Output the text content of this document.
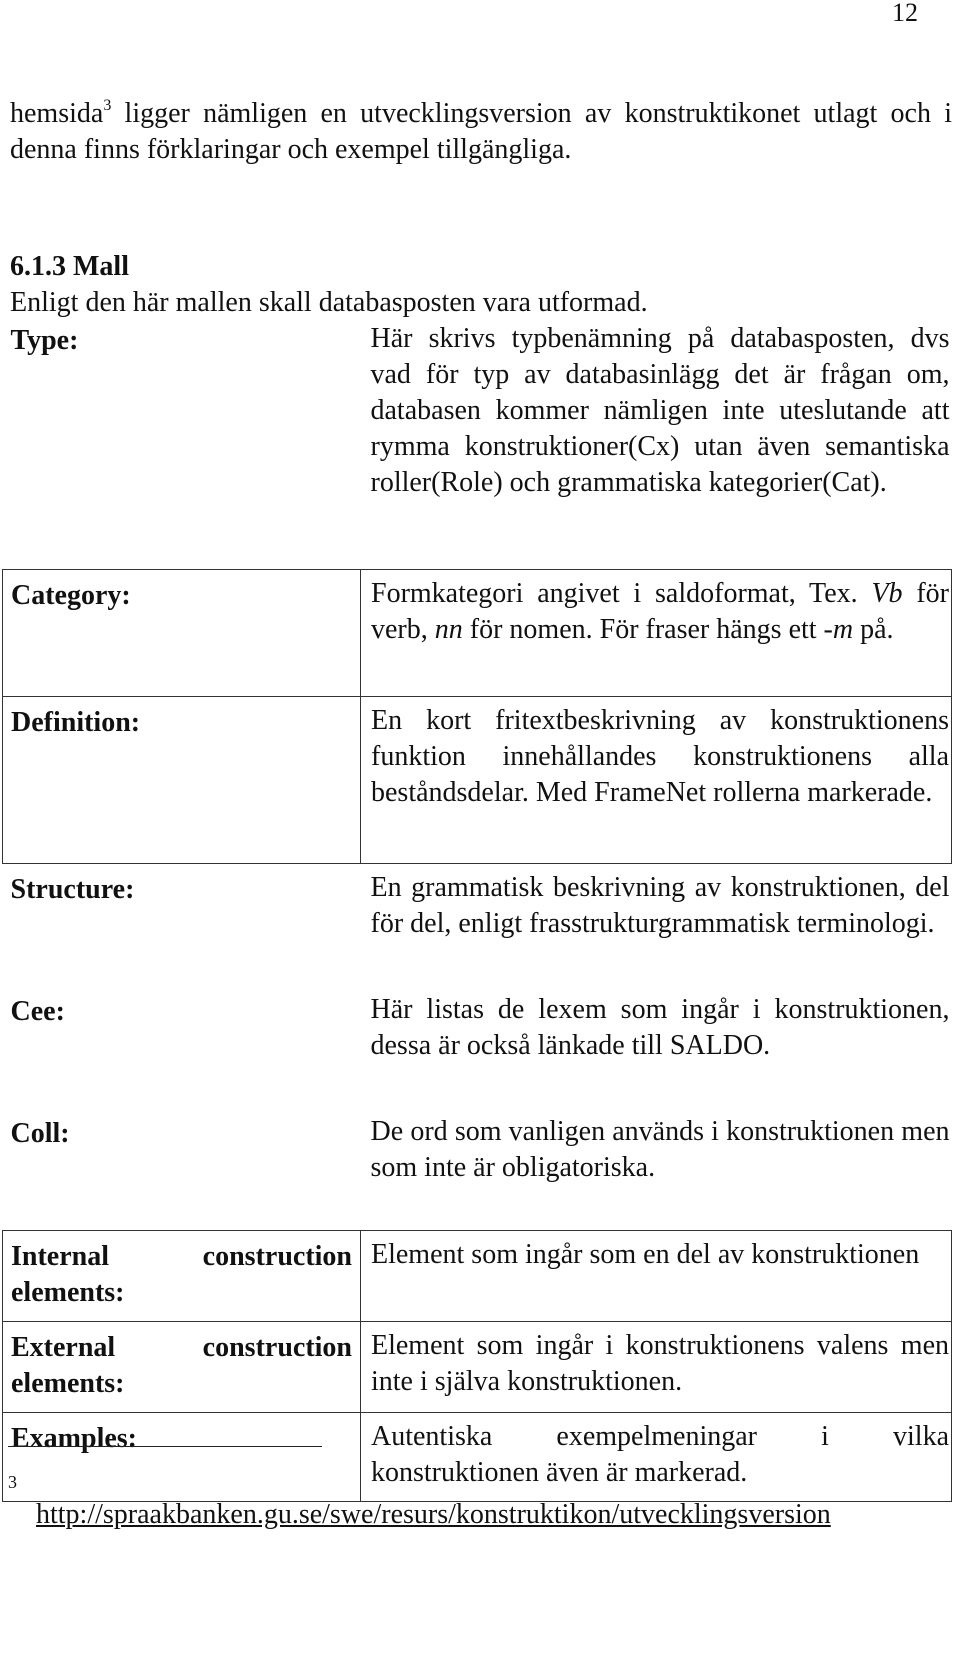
12

hemsida$^3$ ligger nämligen en utvecklingsversion av konstruktikonet utlagt och i denna finns förklaringar och exempel tillgängliga.

6.1.3 Mall

Enligt den här mallen skall databasposten vara utformad.

Type:	Här skrivs typbenämning på databasposten, dvs vad för typ av databasinlägg det är frågan om, databasen kommer nämligen inte uteslutande att rymma konstruktioner(Cx) utan även semantiska roller(Role) och grammatiska kategorier(Cat).
Category:	Formkategori angivet i saldoformat, Tex. Vb för verb, nn för nomen. För fraser hängs ett -m på.
Definition:	En kort fritextbeskrivning av konstruktionens funktion innehållandes konstruktionens alla beståndsdelar. Med FrameNet rollerna markerade.
Structure:	En grammatisk beskrivning av konstruktionen, del för del, enligt frasstrukturgrammatisk terminologi.
Cee:	Här listas de lexem som ingår i konstruktionen, dessa är också länkade till SALDO.
Coll:	De ord som vanligen används i konstruktionen men som inte är obligatoriska.

Internal construction
elements:	Element som ingår som en del av konstruktionen

External construction
elements:	Element som ingår i konstruktionens valens men inte i själva konstruktionen.
Examples:	Autentiska exempelmeningar i vilka konstruktionen även är markerad.
3
http://spraakbanken.gu.se/swe/resurs/konstruktikon/utvecklingsversion
